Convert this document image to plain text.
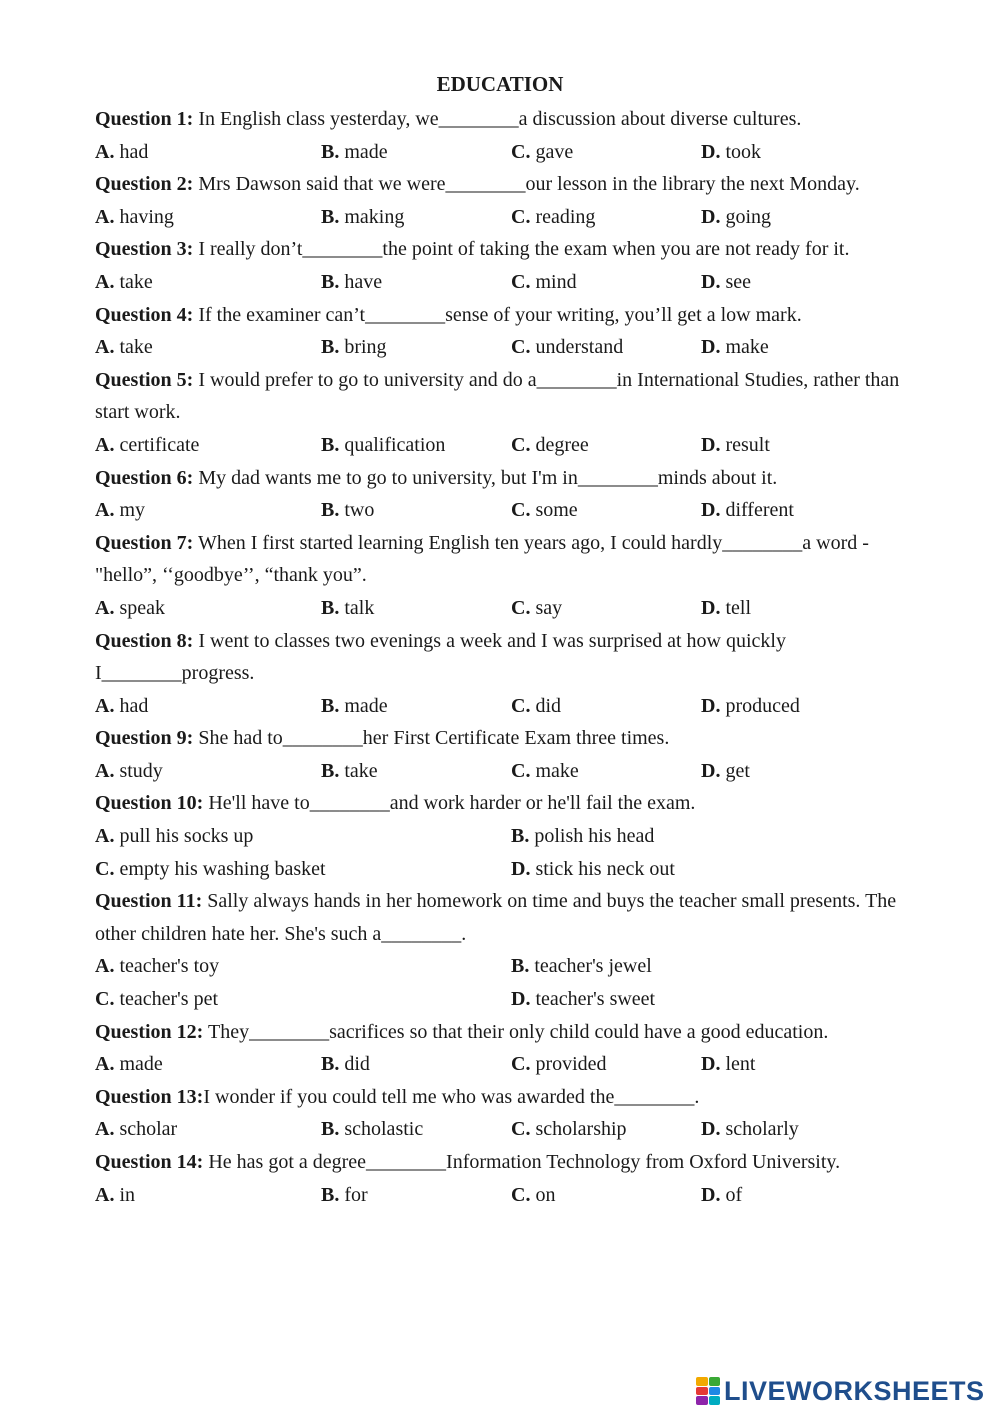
EDUCATION
Question 1: In English class yesterday, we________a discussion about diverse cultures.
A. had	B. made	C. gave	D. took
Question 2: Mrs Dawson said that we were________our lesson in the library the next Monday.
A. having	B. making	C. reading	D. going
Question 3: I really don’t________the point of taking the exam when you are not ready for it.
A. take	B. have	C. mind	D. see
Question 4: If the examiner can’t________sense of your writing, you’ll get a low mark.
A. take	B. bring	C. understand	D. make
Question 5: I would prefer to go to university and do a________in International Studies, rather than start work.
A. certificate	B. qualification	C. degree	D. result
Question 6: My dad wants me to go to university, but I'm in________minds about it.
A. my	B. two	C. some	D. different
Question 7: When I first started learning English ten years ago, I could hardly________a word - "hello”, ‘‘goodbye’’, “thank you”.
A. speak	B. talk	C. say	D. tell
Question 8: I went to classes two evenings a week and I was surprised at how quickly I________progress.
A. had	B. made	C. did	D. produced
Question 9: She had to________her First Certificate Exam three times.
A. study	B. take	C. make	D. get
Question 10: He'll have to________and work harder or he'll fail the exam.
A. pull his socks up	B. polish his head
C. empty his washing basket	D. stick his neck out
Question 11: Sally always hands in her homework on time and buys the teacher small presents. The other children hate her. She's such a________.
A. teacher's toy	B. teacher's jewel
C. teacher's pet	D. teacher's sweet
Question 12: They________sacrifices so that their only child could have a good education.
A. made	B. did	C. provided	D. lent
Question 13:I wonder if you could tell me who was awarded the________.
A. scholar	B. scholastic	C. scholarship	D. scholarly
Question 14: He has got a degree________Information Technology from Oxford University.
A. in	B. for	C. on	D. of
LIVEWORKSHEETS
